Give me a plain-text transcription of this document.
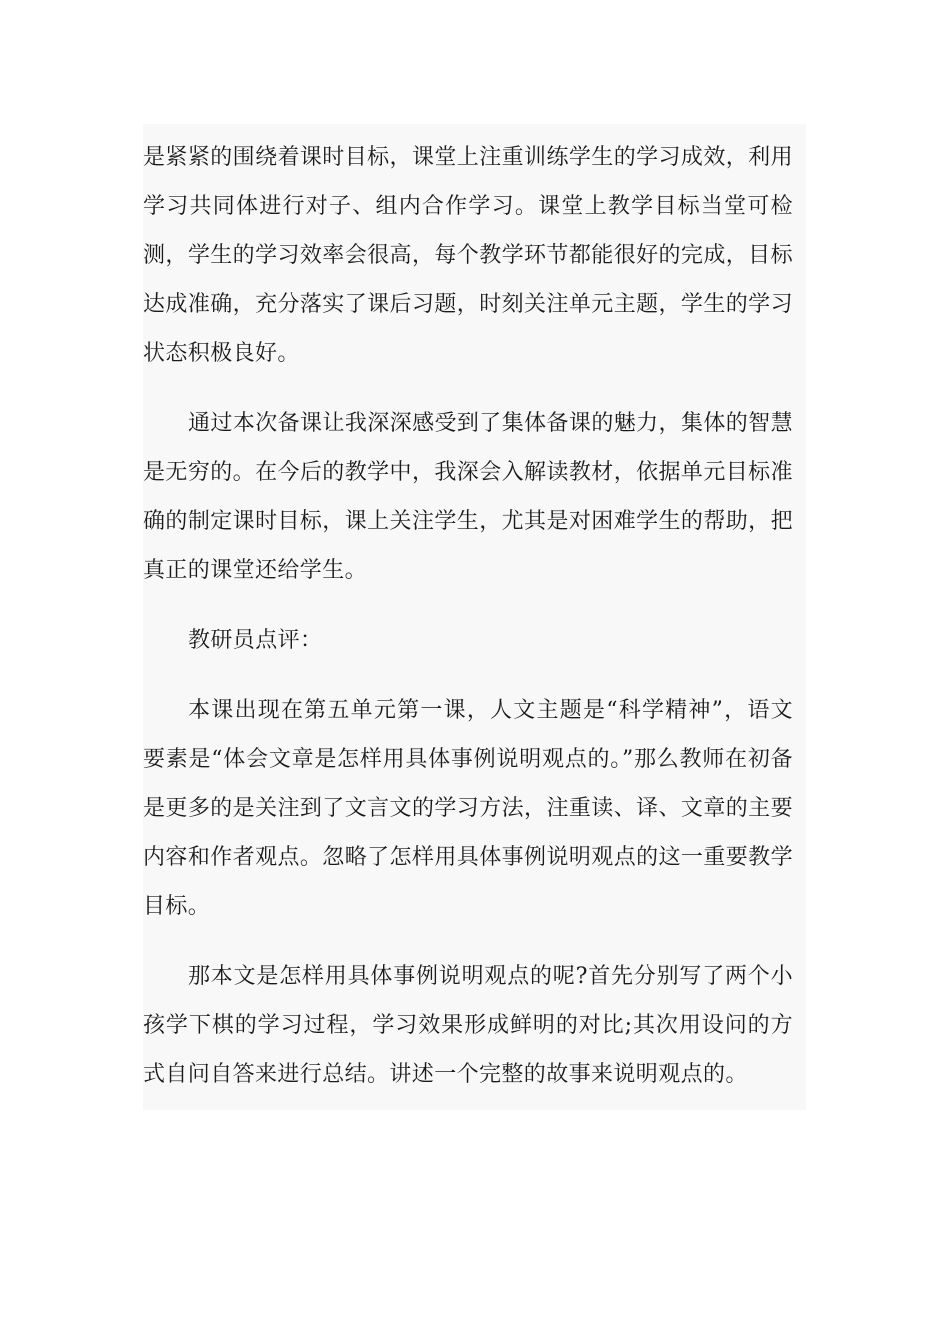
是紧紧的围绕着课时目标，课堂上注重训练学生的学习成效，利用学习共同体进行对子、组内合作学习。课堂上教学目标当堂可检测，学生的学习效率会很高，每个教学环节都能很好的完成，目标达成准确，充分落实了课后习题，时刻关注单元主题，学生的学习状态积极良好。

通过本次备课让我深深感受到了集体备课的魅力，集体的智慧是无穷的。在今后的教学中，我深会入解读教材，依据单元目标准确的制定课时目标，课上关注学生，尤其是对困难学生的帮助，把真正的课堂还给学生。

教研员点评：

本课出现在第五单元第一课，人文主题是“科学精神”，语文要素是“体会文章是怎样用具体事例说明观点的。”那么教师在初备是更多的是关注到了文言文的学习方法，注重读、译、文章的主要内容和作者观点。忽略了怎样用具体事例说明观点的这一重要教学目标。

那本文是怎样用具体事例说明观点的呢?首先分别写了两个小孩学下棋的学习过程，学习效果形成鲜明的对比;其次用设问的方式自问自答来进行总结。讲述一个完整的故事来说明观点的。
